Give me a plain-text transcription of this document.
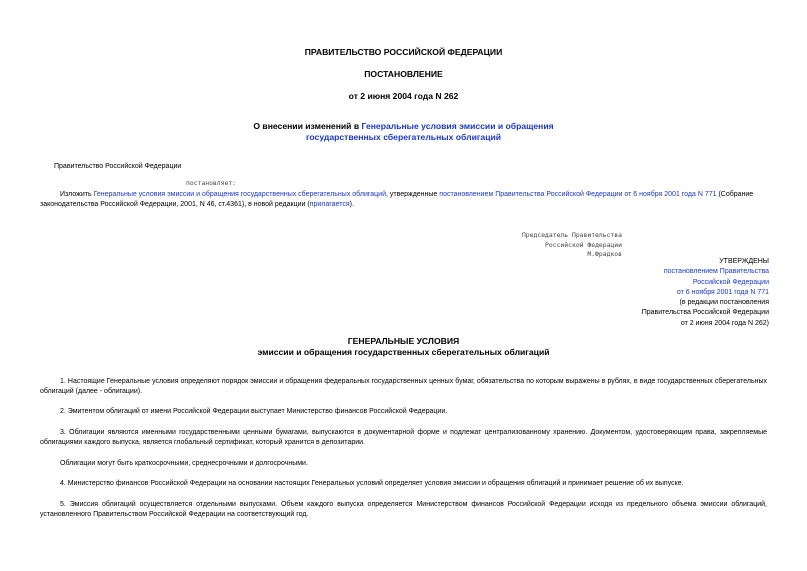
ПРАВИТЕЛЬСТВО РОССИЙСКОЙ ФЕДЕРАЦИИ
ПОСТАНОВЛЕНИЕ
от 2 июня 2004 года N 262
О внесении изменений в Генеральные условия эмиссии и обращения
государственных сберегательных облигаций
Правительство Российской Федерации
постановляет:
Изложить Генеральные условия эмиссии и обращения государственных сберегательных облигаций, утвержденные постановлением Правительства Российской Федерации от 6 ноября 2001 года N 771 (Собрание
законодательства Российской Федерации, 2001, N 46, ст.4361), в новой редакции (прилагается).
Председатель Правительства
Российской Федерации
М.Фрадков
УТВЕРЖДЕНЫ
постановлением Правительства
Российской Федерации
от 6 ноября 2001 года N 771
(в редакции постановления
Правительства Российской Федерации
от 2 июня 2004 года N 262)
ГЕНЕРАЛЬНЫЕ УСЛОВИЯ
эмиссии и обращения государственных сберегательных облигаций
1. Настоящие Генеральные условия определяют порядок эмиссии и обращения федеральных государственных ценных бумаг, обязательства по которым выражены в рублях, в виде государственных сберегательных облигаций (далее - облигации).
2. Эмитентом облигаций от имени Российской Федерации выступает Министерство финансов Российской Федерации.
3. Облигации являются именными государственными ценными бумагами, выпускаются в документарной форме и подлежат централизованному хранению. Документом, удостоверяющим права, закрепляемые облигациями каждого выпуска, является глобальный сертификат, который хранится в депозитарии.
Облигации могут быть краткосрочными, среднесрочными и долгосрочными.
4. Министерство финансов Российской Федерации на основании настоящих Генеральных условий определяет условия эмиссии и обращения облигаций и принимает решение об их выпуске.
5. Эмиссия облигаций осуществляется отдельными выпусками. Объем каждого выпуска определяется Министерством финансов Российской Федерации исходя из предельного объема эмиссии облигаций, установленного Правительством Российской Федерации на соответствующий год.
